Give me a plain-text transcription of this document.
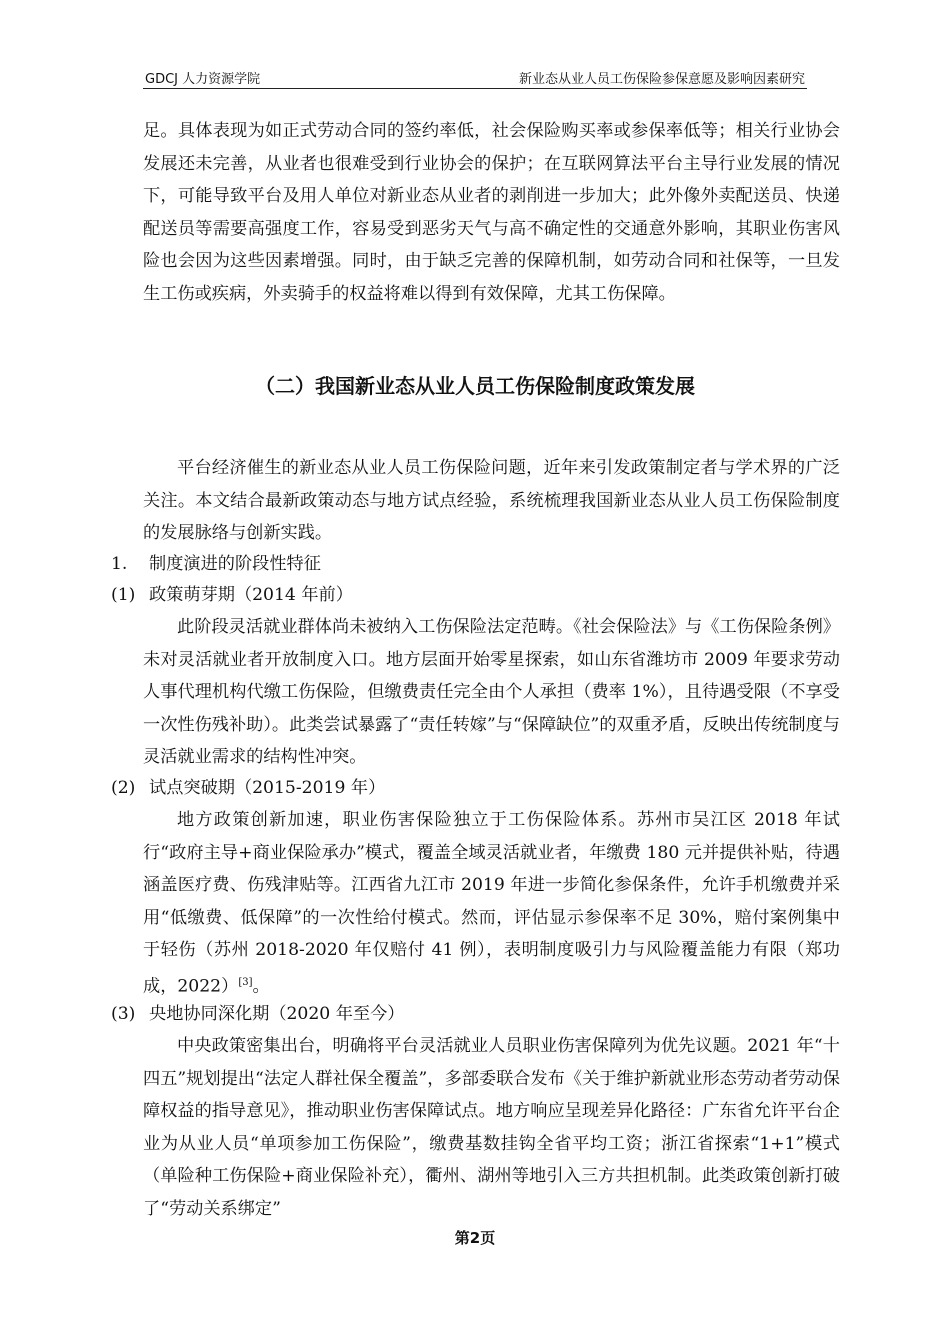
GDCJ 人力资源学院	新业态从业人员工伤保险参保意愿及影响因素研究

足。具体表现为如正式劳动合同的签约率低，社会保险购买率或参保率低等；相关行业协会发展还未完善，从业者也很难受到行业协会的保护；在互联网算法平台主导行业发展的情况下，可能导致平台及用人单位对新业态从业者的剥削进一步加大；此外像外卖配送员、快递配送员等需要高强度工作，容易受到恶劣天气与高不确定性的交通意外影响，其职业伤害风险也会因为这些因素增强。同时，由于缺乏完善的保障机制，如劳动合同和社保等，一旦发生工伤或疾病，外卖骑手的权益将难以得到有效保障，尤其工伤保障。

（二）我国新业态从业人员工伤保险制度政策发展

平台经济催生的新业态从业人员工伤保险问题，近年来引发政策制定者与学术界的广泛关注。本文结合最新政策动态与地方试点经验，系统梳理我国新业态从业人员工伤保险制度的发展脉络与创新实践。

1. 制度演进的阶段性特征

(1) 政策萌芽期（2014 年前）

此阶段灵活就业群体尚未被纳入工伤保险法定范畴。《社会保险法》与《工伤保险条例》未对灵活就业者开放制度入口。地方层面开始零星探索，如山东省潍坊市 2009 年要求劳动人事代理机构代缴工伤保险，但缴费责任完全由个人承担（费率 1%），且待遇受限（不享受一次性伤残补助）。此类尝试暴露了“责任转嫁”与“保障缺位”的双重矛盾，反映出传统制度与灵活就业需求的结构性冲突。

(2) 试点突破期（2015-2019 年）

地方政策创新加速，职业伤害保险独立于工伤保险体系。苏州市吴江区 2018 年试行“政府主导+商业保险承办”模式，覆盖全域灵活就业者，年缴费 180 元并提供补贴，待遇涵盖医疗费、伤残津贴等。江西省九江市 2019 年进一步简化参保条件，允许手机缴费并采用“低缴费、低保障”的一次性给付模式。然而，评估显示参保率不足 30%，赔付案例集中于轻伤（苏州 2018-2020 年仅赔付 41 例），表明制度吸引力与风险覆盖能力有限（郑功成，2022）[3]。

(3) 央地协同深化期（2020 年至今）

中央政策密集出台，明确将平台灵活就业人员职业伤害保障列为优先议题。2021 年“十四五”规划提出“法定人群社保全覆盖”，多部委联合发布《关于维护新就业形态劳动者劳动保障权益的指导意见》，推动职业伤害保障试点。地方响应呈现差异化路径：广东省允许平台企业为从业人员“单项参加工伤保险”，缴费基数挂钩全省平均工资；浙江省探索“1+1”模式（单险种工伤保险+商业保险补充），衢州、湖州等地引入三方共担机制。此类政策创新打破了“劳动关系绑定”

第2页
